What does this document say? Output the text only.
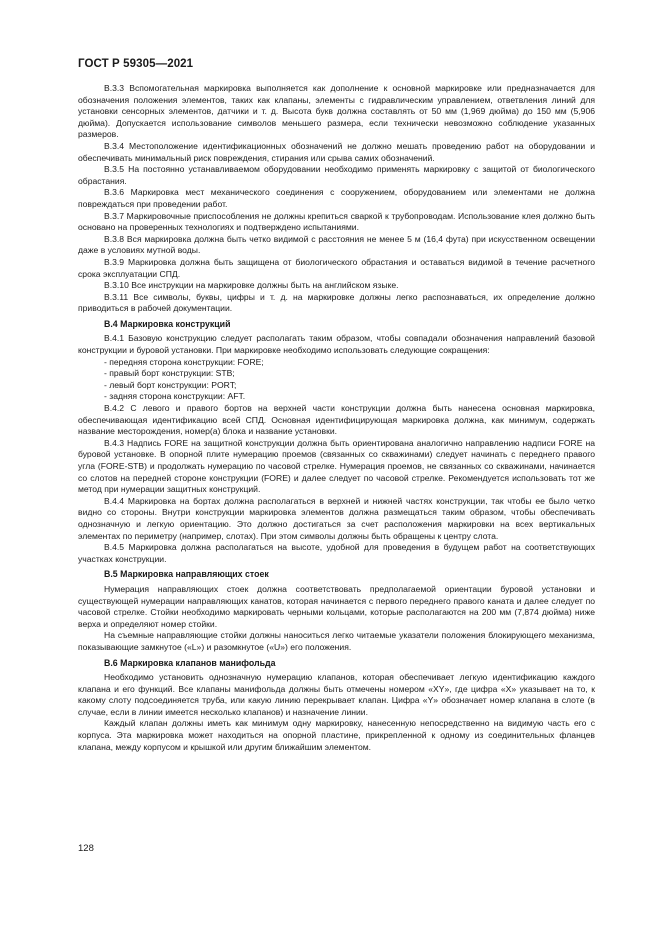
ГОСТ Р 59305—2021
В.3.3 Вспомогательная маркировка выполняется как дополнение к основной маркировке или предназначается для обозначения положения элементов, таких как клапаны, элементы с гидравлическим управлением, ответвления линий для установки сенсорных элементов, датчики и т. д. Высота букв должна составлять от 50 мм (1,969 дюйма) до 150 мм (5,906 дюйма). Допускается использование символов меньшего размера, если технически невозможно соблюдение указанных размеров.
В.3.4 Местоположение идентификационных обозначений не должно мешать проведению работ на оборудовании и обеспечивать минимальный риск повреждения, стирания или срыва самих обозначений.
В.3.5 На постоянно устанавливаемом оборудовании необходимо применять маркировку с защитой от биологического обрастания.
В.3.6 Маркировка мест механического соединения с сооружением, оборудованием или элементами не должна повреждаться при проведении работ.
В.3.7 Маркировочные приспособления не должны крепиться сваркой к трубопроводам. Использование клея должно быть основано на проверенных технологиях и подтверждено испытаниями.
В.3.8 Вся маркировка должна быть четко видимой с расстояния не менее 5 м (16,4 фута) при искусственном освещении даже в условиях мутной воды.
В.3.9 Маркировка должна быть защищена от биологического обрастания и оставаться видимой в течение расчетного срока эксплуатации СПД.
В.3.10 Все инструкции на маркировке должны быть на английском языке.
В.3.11 Все символы, буквы, цифры и т. д. на маркировке должны легко распознаваться, их определение должно приводиться в рабочей документации.
В.4 Маркировка конструкций
В.4.1 Базовую конструкцию следует располагать таким образом, чтобы совпадали обозначения направлений базовой конструкции и буровой установки. При маркировке необходимо использовать следующие сокращения:
- передняя сторона конструкции: FORE;
- правый борт конструкции: STB;
- левый борт конструкции: PORT;
- задняя сторона конструкции: AFT.
В.4.2 С левого и правого бортов на верхней части конструкции должна быть нанесена основная маркировка, обеспечивающая идентификацию всей СПД. Основная идентифицирующая маркировка должна, как минимум, содержать название месторождения, номер(а) блока и название установки.
В.4.3 Надпись FORE на защитной конструкции должна быть ориентирована аналогично направлению надписи FORE на буровой установке. В опорной плите нумерацию проемов (связанных со скважинами) следует начинать с переднего правого угла (FORE-STB) и продолжать нумерацию по часовой стрелке. Нумерация проемов, не связанных со скважинами, начинается со слотов на передней стороне конструкции (FORE) и далее следует по часовой стрелке. Рекомендуется использовать тот же метод при нумерации защитных конструкций.
В.4.4 Маркировка на бортах должна располагаться в верхней и нижней частях конструкции, так чтобы ее было четко видно со стороны. Внутри конструкции маркировка элементов должна размещаться таким образом, чтобы обеспечивать однозначную и легкую ориентацию. Это должно достигаться за счет расположения маркировки на всех вертикальных элементах по периметру (например, слотах). При этом символы должны быть обращены к центру слота.
В.4.5 Маркировка должна располагаться на высоте, удобной для проведения в будущем работ на соответствующих участках конструкции.
В.5 Маркировка направляющих стоек
Нумерация направляющих стоек должна соответствовать предполагаемой ориентации буровой установки и существующей нумерации направляющих канатов, которая начинается с первого переднего правого каната и далее следует по часовой стрелке. Стойки необходимо маркировать черными кольцами, которые располагаются на 200 мм (7,874 дюйма) ниже верха и определяют номер стойки.
На съемные направляющие стойки должны наноситься легко читаемые указатели положения блокирующего механизма, показывающие замкнутое («L») и разомкнутое («U») его положения.
В.6 Маркировка клапанов манифольда
Необходимо установить однозначную нумерацию клапанов, которая обеспечивает легкую идентификацию каждого клапана и его функций. Все клапаны манифольда должны быть отмечены номером «XY», где цифра «X» указывает на то, к какому слоту подсоединяется труба, или какую линию перекрывает клапан. Цифра «Y» обозначает номер клапана в слоте (в случае, если в линии имеется несколько клапанов) и назначение линии.
Каждый клапан должны иметь как минимум одну маркировку, нанесенную непосредственно на видимую часть его с корпуса. Эта маркировка может находиться на опорной пластине, прикрепленной к одному из соединительных фланцев клапана, между корпусом и крышкой или другим ближайшим элементом.
128
